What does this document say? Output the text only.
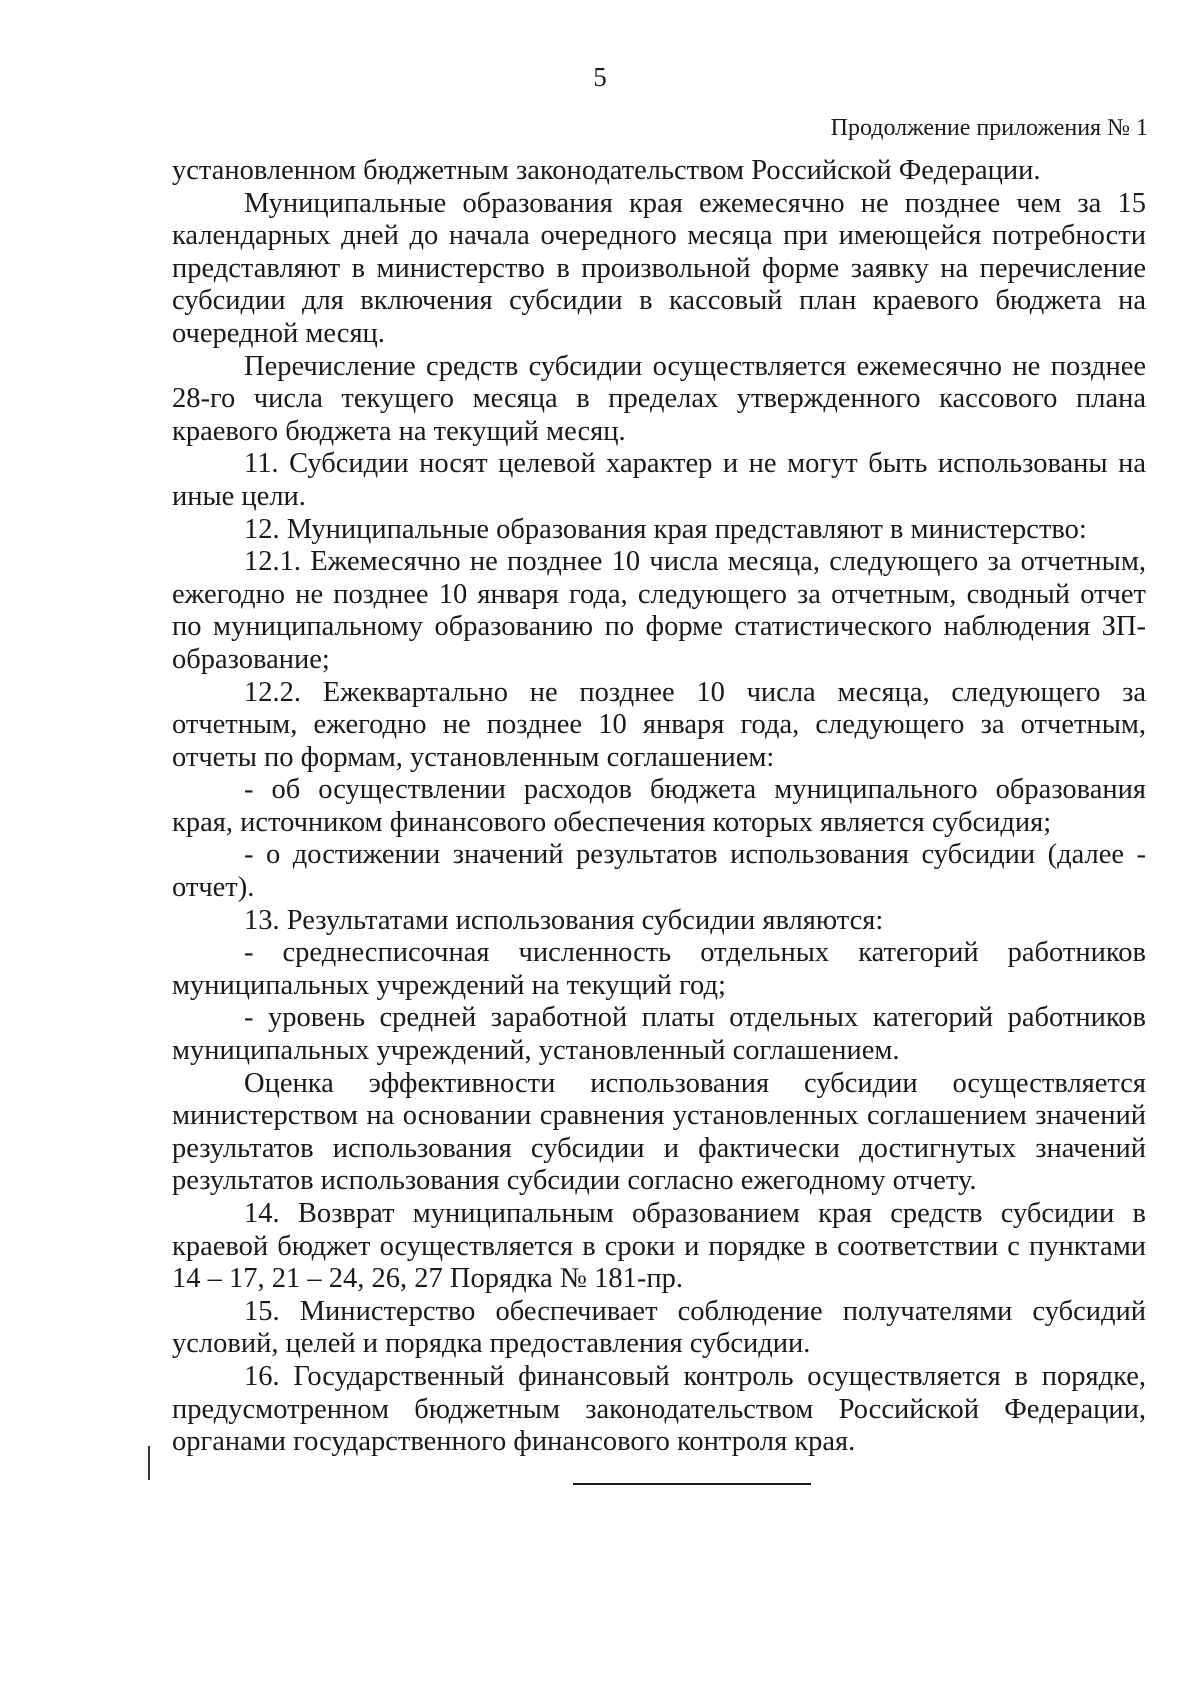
5
Продолжение приложения № 1

установленном бюджетным законодательством Российской Федерации.

Муниципальные образования края ежемесячно не позднее чем за 15 календарных дней до начала очередного месяца при имеющейся потребности представляют в министерство в произвольной форме заявку на перечисление субсидии для включения субсидии в кассовый план краевого бюджета на очередной месяц.

Перечисление средств субсидии осуществляется ежемесячно не позднее 28-го числа текущего месяца в пределах утвержденного кассового плана краевого бюджета на текущий месяц.

11. Субсидии носят целевой характер и не могут быть использованы на иные цели.

12. Муниципальные образования края представляют в министерство:

12.1. Ежемесячно не позднее 10 числа месяца, следующего за отчетным, ежегодно не позднее 10 января года, следующего за отчетным, сводный отчет по муниципальному образованию по форме статистического наблюдения ЗП-образование;

12.2. Ежеквартально не позднее 10 числа месяца, следующего за отчетным, ежегодно не позднее 10 января года, следующего за отчетным, отчеты по формам, установленным соглашением:

- об осуществлении расходов бюджета муниципального образования края, источником финансового обеспечения которых является субсидия;

- о достижении значений результатов использования субсидии (далее - отчет).

13. Результатами использования субсидии являются:

- среднесписочная численность отдельных категорий работников муниципальных учреждений на текущий год;

- уровень средней заработной платы отдельных категорий работников муниципальных учреждений, установленный соглашением.

Оценка эффективности использования субсидии осуществляется министерством на основании сравнения установленных соглашением значений результатов использования субсидии и фактически достигнутых значений результатов использования субсидии согласно ежегодному отчету.

14. Возврат муниципальным образованием края средств субсидии в краевой бюджет осуществляется в сроки и порядке в соответствии с пунктами 14 – 17, 21 – 24, 26, 27 Порядка № 181-пр.

15. Министерство обеспечивает соблюдение получателями субсидий условий, целей и порядка предоставления субсидии.

16. Государственный финансовый контроль осуществляется в порядке, предусмотренном бюджетным законодательством Российской Федерации, органами государственного финансового контроля края.
